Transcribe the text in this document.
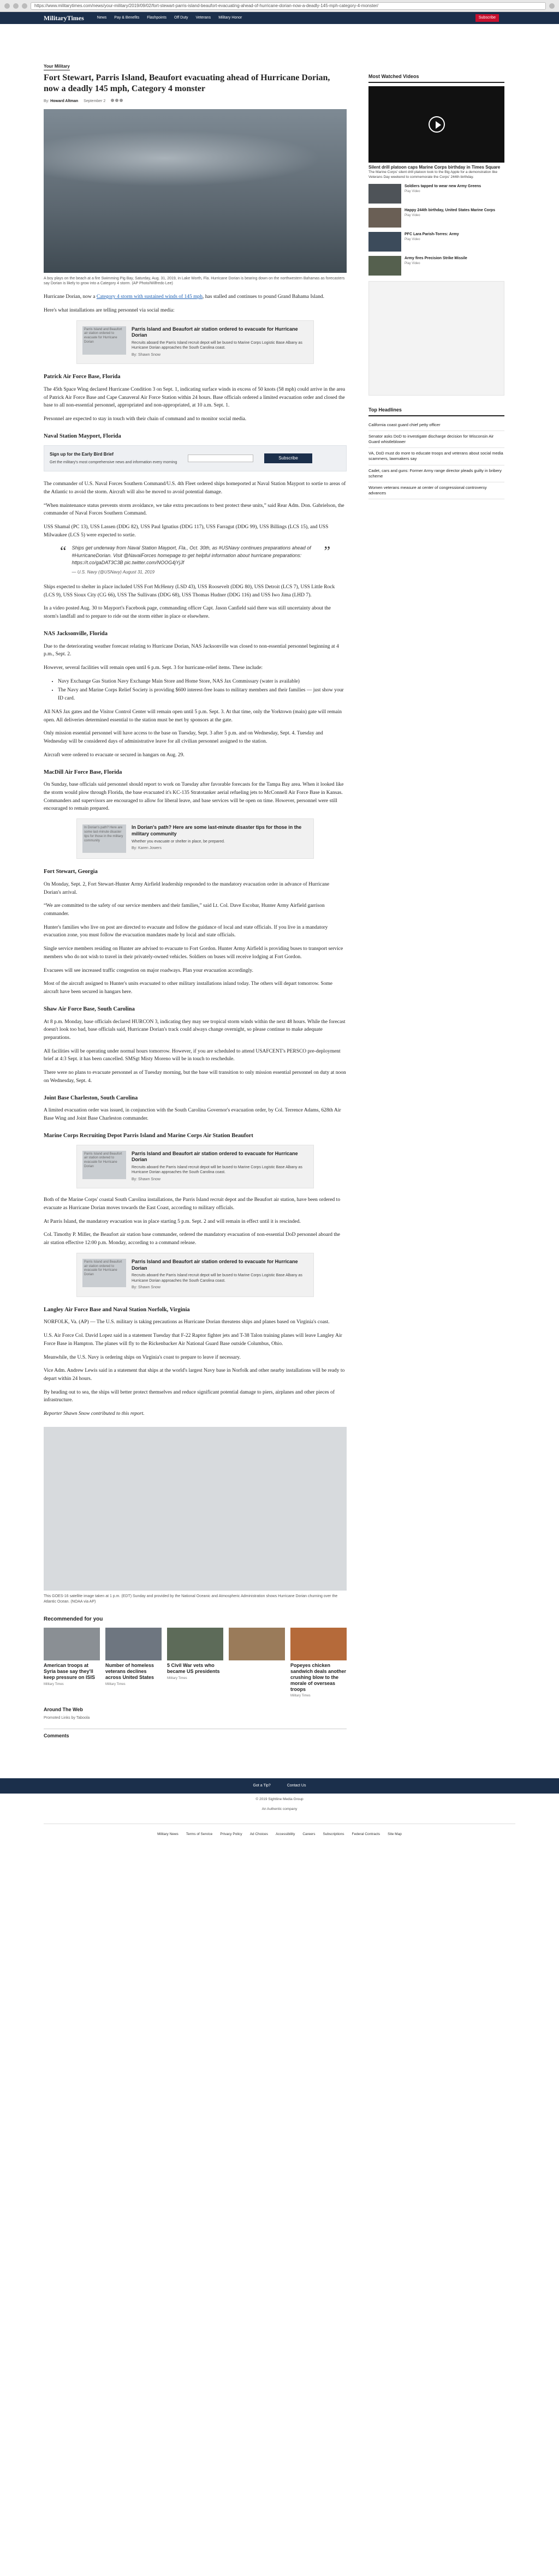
https://www.militarytimes.com/news/your-military/2019/09/02/fort-stewart-parris-island-beaufort-evacuating-ahead-of-hurricane-dorian-now-a-deadly-145-mph-category-4-monster/
MilitaryTimes	News Pay & Benefits Flashpoints Off Duty Veterans Military Honor	Subscribe
Your Military
Fort Stewart, Parris Island, Beaufort evacuating ahead of Hurricane Dorian, now a deadly 145 mph, Category 4 monster
By: Howard Altman September 2
A boy plays on the beach at a fire Swimming Pig Bay, Saturday, Aug. 31, 2019, in Lake Worth, Fla. Hurricane Dorian is bearing down on the northwestern Bahamas as forecasters say Dorian is likely to grow into a Category 4 storm. (AP Photo/Wilfredo Lee)

Hurricane Dorian, now a Category 4 storm with sustained winds of 145 mph, has stalled and continues to pound Grand Bahama Island.

Here's what installations are telling personnel via social media:

Parris Island and Beaufort air station ordered to evacuate for Hurricane Dorian
Parris Island and Beaufort air station ordered to evacuate for Hurricane Dorian
Recruits aboard the Parris Island recruit depot will be bused to Marine Corps Logistic Base Albany as Hurricane Dorian approaches the South Carolina coast.
By: Shawn Snow
Patrick Air Force Base, Florida

The 45th Space Wing declared Hurricane Condition 3 on Sept. 1, indicating surface winds in excess of 50 knots (58 mph) could arrive in the area of Patrick Air Force Base and Cape Canaveral Air Force Station within 24 hours. Base officials ordered a limited evacuation order and closed the base to all non-essential personnel, appropriated and non-appropriated, at 10 a.m. Sept. 1.

Personnel are expected to stay in touch with their chain of command and to monitor social media.

Naval Station Mayport, Florida
Sign up for the Early Bird Brief
Get the military's most comprehensive news and information every morning
Subscribe

The commander of U.S. Naval Forces Southern Command/U.S. 4th Fleet ordered ships homeported at Naval Station Mayport to sortie to areas of the Atlantic to avoid the storm. Aircraft will also be moved to avoid potential damage.

“When maintenance status prevents storm avoidance, we take extra precautions to best protect these units,” said Rear Adm. Don. Gabrielson, the commander of Naval Forces Southern Command.

USS Shamal (PC 13), USS Lassen (DDG 82), USS Paul Ignatius (DDG 117), USS Farragut (DDG 99), USS Billings (LCS 15), and USS Milwaukee (LCS 5) were expected to sortie.

“ Ships get underway from Naval Station Mayport, Fla., Oct. 30th, as #USNavy continues preparations ahead of #HurricaneDorian. Visit @NavalForces homepage to get helpful information about hurricane preparations: https://t.co/gaDAT3C3B pic.twitter.com/NOOG4jYjJf
— U.S. Navy (@USNavy) August 31, 2019
”

Ships expected to shelter in place included USS Fort McHenry (LSD 43), USS Roosevelt (DDG 80), USS Detroit (LCS 7), USS Little Rock (LCS 9), USS Sioux City (CG 66), USS The Sullivans (DDG 68), USS Thomas Hudner (DDG 116) and USS Iwo Jima (LHD 7).

In a video posted Aug. 30 to Mayport's Facebook page, commanding officer Capt. Jason Canfield said there was still uncertainty about the storm's landfall and to prepare to ride out the storm either in place or elsewhere.

NAS Jacksonville, Florida

Due to the deteriorating weather forecast relating to Hurricane Dorian, NAS Jacksonville was closed to non-essential personnel beginning at 4 p.m., Sept. 2.

However, several facilities will remain open until 6 p.m. Sept. 3 for hurricane-relief items. These include:

• Navy Exchange Gas Station Navy Exchange Main Store and Home Store, NAS Jax Commissary (water is available)
• The Navy and Marine Corps Relief Society is providing $600 interest-free loans to military members and their families — just show your ID card.

All NAS Jax gates and the Visitor Control Center will remain open until 5 p.m. Sept. 3. At that time, only the Yorktown (main) gate will remain open. All deliveries determined essential to the station must be met by sponsors at the gate.

Only mission essential personnel will have access to the base on Tuesday, Sept. 3 after 5 p.m. and on Wednesday, Sept. 4. Tuesday and Wednesday will be considered days of administrative leave for all civilian personnel assigned to the station.

Aircraft were ordered to evacuate or secured in hangars on Aug. 29.

MacDill Air Force Base, Florida

On Sunday, base officials said personnel should report to work on Tuesday after favorable forecasts for the Tampa Bay area. When it looked like the storm would plow through Florida, the base evacuated it's KC-135 Stratotanker aerial refueling jets to McConnell Air Force Base in Kansas. Commanders and supervisors are encouraged to allow for liberal leave, and base services will be open on time. However, personnel were still encouraged to remain prepared.

In Dorian's path? Here are some last-minute disaster tips for those in the military community
In Dorian's path? Here are some last-minute disaster tips for those in the military community
Whether you evacuate or shelter in place, be prepared.
By: Karen Jowers
Fort Stewart, Georgia

On Monday, Sept. 2, Fort Stewart-Hunter Army Airfield leadership responded to the mandatory evacuation order in advance of Hurricane Dorian's arrival.

“We are committed to the safety of our service members and their families,” said Lt. Col. Dave Escobar, Hunter Army Airfield garrison commander.

Hunter's families who live on post are directed to evacuate and follow the guidance of local and state officials. If you live in a mandatory evacuation zone, you must follow the evacuation mandates made by local and state officials.

Single service members residing on Hunter are advised to evacuate to Fort Gordon. Hunter Army Airfield is providing buses to transport service members who do not wish to travel in their privately-owned vehicles. Soldiers on buses will receive lodging at Fort Gordon.

Evacuees will see increased traffic congestion on major roadways. Plan your evacuation accordingly.

Most of the aircraft assigned to Hunter's units evacuated to other military installations inland today. The others will depart tomorrow. Some aircraft have been secured in hangars here.

Shaw Air Force Base, South Carolina

At 8 p.m. Monday, base officials declared HURCON 3, indicating they may see tropical storm winds within the next 48 hours. While the forecast doesn't look too bad, base officials said, Hurricane Dorian's track could always change overnight, so please continue to make adequate preparations.

All facilities will be operating under normal hours tomorrow. However, if you are scheduled to attend USAFCENT's PERSCO pre-deployment brief at 4:3 Sept. it has been cancelled. SMSgt Misty Moreno will be in touch to reschedule.

There were no plans to evacuate personnel as of Tuesday morning, but the base will transition to only mission essential personnel on duty at noon on Wednesday, Sept. 4.

Joint Base Charleston, South Carolina

A limited evacuation order was issued, in conjunction with the South Carolina Governor's evacuation order, by Col. Terrence Adams, 628th Air Base Wing and Joint Base Charleston commander.

Marine Corps Recruiting Depot Parris Island and Marine Corps Air Station Beaufort
Parris Island and Beaufort air station ordered to evacuate for Hurricane Dorian
Parris Island and Beaufort air station ordered to evacuate for Hurricane Dorian
Recruits aboard the Parris Island recruit depot will be bused to Marine Corps Logistic Base Albany as Hurricane Dorian approaches the South Carolina coast.
By: Shawn Snow

Both of the Marine Corps' coastal South Carolina installations, the Parris Island recruit depot and the Beaufort air station, have been ordered to evacuate as Hurricane Dorian moves towards the East Coast, according to military officials.

At Parris Island, the mandatory evacuation was in place starting 5 p.m. Sept. 2 and will remain in effect until it is rescinded.

Col. Timothy P. Miller, the Beaufort air station base commander, ordered the mandatory evacuation of non-essential DoD personnel aboard the air station effective 12:00 p.m. Monday, according to a command release.

Parris Island and Beaufort air station ordered to evacuate for Hurricane Dorian
Parris Island and Beaufort air station ordered to evacuate for Hurricane Dorian
Recruits aboard the Parris Island recruit depot will be bused to Marine Corps Logistic Base Albany as Hurricane Dorian approaches the South Carolina coast.
By: Shawn Snow
Langley Air Force Base and Naval Station Norfolk, Virginia

NORFOLK, Va. (AP) — The U.S. military is taking precautions as Hurricane Dorian threatens ships and planes based on Virginia's coast.

U.S. Air Force Col. David Lopez said in a statement Tuesday that F-22 Raptor fighter jets and T-38 Talon training planes will leave Langley Air Force Base in Hampton. The planes will fly to the Rickenbacker Air National Guard Base outside Columbus, Ohio.

Meanwhile, the U.S. Navy is ordering ships on Virginia's coast to prepare to leave if necessary.

Vice Adm. Andrew Lewis said in a statement that ships at the world's largest Navy base in Norfolk and other nearby installations will be ready to depart within 24 hours.

By heading out to sea, the ships will better protect themselves and reduce significant potential damage to piers, airplanes and other pieces of infrastructure.

Reporter Shawn Snow contributed to this report.

This GOES-16 satellite image taken at 1 p.m. (EDT) Sunday and provided by the National Oceanic and Atmospheric Administration shows Hurricane Dorian churning over the Atlantic Ocean. (NOAA via AP)
Recommended for you
American troops at Syria base say they'll keep pressure on ISIS
Military Times
Number of homeless veterans declines across United States
Military Times
5 Civil War vets who became US presidents
Military Times
Popeyes chicken sandwich deals another crushing blow to the morale of overseas troops
Military Times
Around The Web
Promoted Links by Taboola
Comments
Most Watched Videos
Silent drill platoon caps Marine Corps birthday in Times Square
The Marine Corps' silent drill platoon took to the Big Apple for a demonstration like Veterans Day weekend to commemorate the Corps' 244th birthday.
Soldiers tapped to wear new Army Greens
Play Video
Happy 244th birthday, United States Marine Corps
Play Video
PFC Lara Parish-Torres: Army
Play Video
Army fires Precision Strike Missile
Play Video
Top Headlines
California coast guard chief petty officer
Senator asks DoD to investigate discharge decision for Wisconsin Air Guard whistleblower
VA, DoD must do more to educate troops and veterans about social media scammers, lawmakers say
Cadet, cars and guns: Former Army range director pleads guilty in bribery scheme
Women veterans measure at center of congressional controversy advances
Got a Tip?	Contact Us
© 2019 Sightline Media Group
An Authentic company
Military News Terms of Service Privacy Policy Ad Choices Accessibility Careers Subscriptions Federal Contracts Site Map
